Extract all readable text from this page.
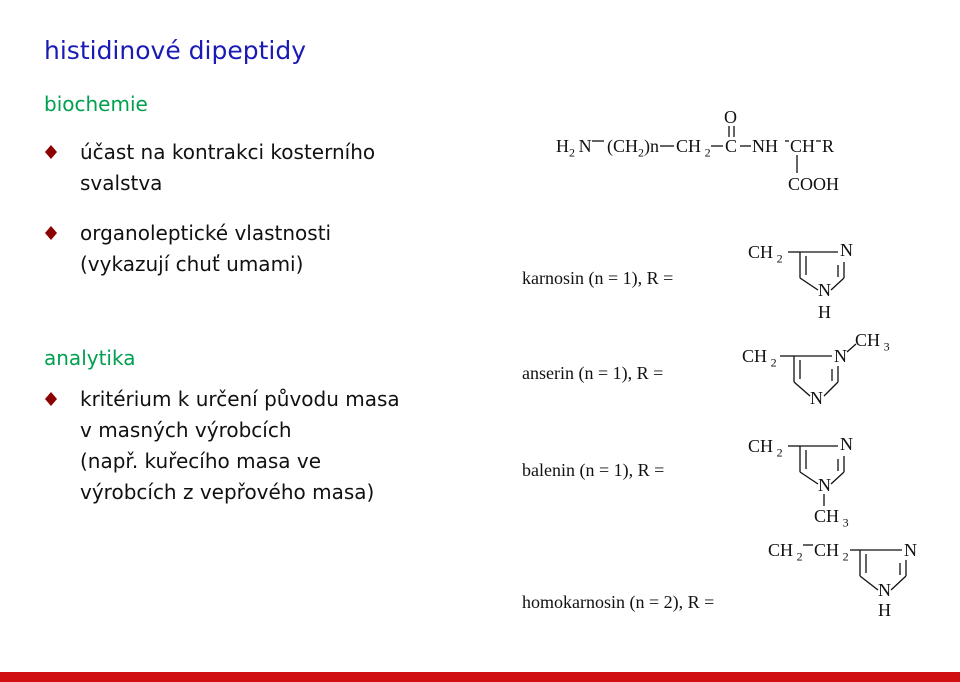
histidinové dipeptidy
biochemie
účast na kontrakci kosterního
svalstva
organoleptické vlastnosti
(vykazují chuť umami)
analytika
kritérium k určení původu masa
v masných výrobcích
(např. kuřecího masa ve
výrobcích z vepřového masa)
$H_2$  N $(CH_2)n$ CH  $_2$ C
O
NH CH R
COOH
karnosin (n = 1), R =
anserin (n = 1), R =
balenin (n = 1), R =
homokarnosin (n = 2), R =
CH  $_2$	N
N
H
CH  $_2$	N
CH  $_3$
N
CH  $_2$	N
N
CH  $_3$
CH  $_2$ CH  $_2$	N
N
H
